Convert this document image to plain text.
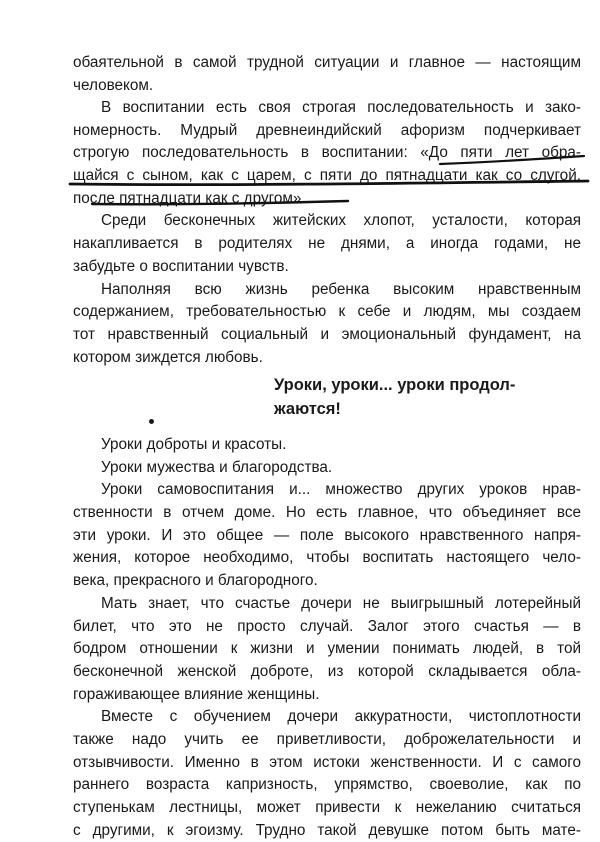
обаятельной в самой трудной ситуации и главное — настоящим
человеком.
В воспитании есть своя строгая последовательность и зако-
номерность. Мудрый древнеиндийский афоризм подчеркивает
строгую последовательность в воспитании: «До пяти лет обра-
щайся с сыном, как с царем, с пяти до пятнадцати как со слугой,
после пятнадцати как с другом».
Среди бесконечных житейских хлопот, усталости, которая
накапливается в родителях не днями, а иногда годами, не
забудьте о воспитании чувств.
Наполняя всю жизнь ребенка высоким нравственным
содержанием, требовательностью к себе и людям, мы создаем
тот нравственный социальный и эмоциональный фундамент, на
котором зиждется любовь.
Уроки, уроки... уроки продол-
жаются!
Уроки доброты и красоты.
Уроки мужества и благородства.
Уроки самовоспитания и... множество других уроков нрав-
ственности в отчем доме. Но есть главное, что объединяет все
эти уроки. И это общее — поле высокого нравственного напря-
жения, которое необходимо, чтобы воспитать настоящего чело-
века, прекрасного и благородного.
Мать знает, что счастье дочери не выигрышный лотерейный
билет, что это не просто случай. Залог этого счастья — в
бодром отношении к жизни и умении понимать людей, в той
бесконечной женской доброте, из которой складывается обла-
гораживающее влияние женщины.
Вместе с обучением дочери аккуратности, чистоплотности
также надо учить ее приветливости, доброжелательности и
отзывчивости. Именно в этом истоки женственности. И с самого
раннего возраста капризность, упрямство, своеволие, как по
ступенькам лестницы, может привести к нежеланию считаться
с другими, к эгоизму. Трудно такой девушке потом быть мате-
